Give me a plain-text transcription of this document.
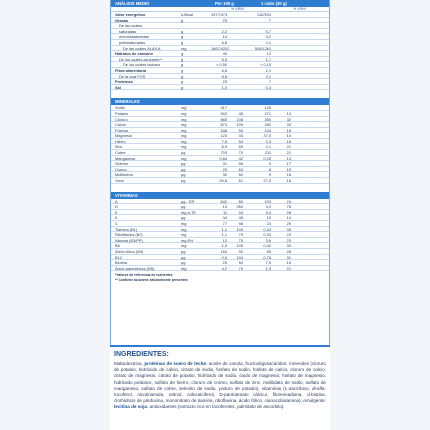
ANÁLISIS MEDIO	Por 100 g	1 cubo (30 g)
% VRN*	% VRN*
Valor energético	kJ/kcal	1977/473	142/593
Grasas	g	23	7
De las cuales
saturadas	g	2,2	0,7
monoinsaturadas	g	14	4,2
poliinsaturadas	g	6,8	2,1
De las cuales ALA/LA	mg	1667/4202	500/1261
Hidratos de carbono	g	40	12
De los cuales azúcares**	g	5,5	1,7
De los cuales lactosa	g	< 0,50	< 0,15
Fibra alimentaria	g	6,8	2,1
De la cual FOS	g	6,8	2,1
Proteínas	g	23	7
Sal	g	1,0	0,3
MINERALES
Sodio	mg	417	125
Potasio	mg	903	45	271	14
Cloruro	mg	865	108	260	32
Calcio	mg	873	109	262	33
Fósforo	mg	348	50	104	15
Magnesio	mg	123	33	37,0	10
Hierro	mg	7,6	54	2,3	16
Zinc	mg	6,9	69	2,1	21
Cobre	µg	703	70	211	21
Manganeso	mg	0,84	42	0,25	13
Selenio	µg	31	56	9	17
Cromo	µg	25	63	8	19
Molibdeno	µg	30	60	9	18
Yodo	µg	90,8	61	27,3	18
VITAMINAS
A	µg - ER	642	80	193	24
D	µg	13	260	3,9	78
E	mg α-TE	11	93	3,4	28
K	µg	34	45	10	14
C	mg	77	96	23	29
Tiamina (B1)	mg	1,1	100	0,33	30
Riboflavina (B2)	mg	1,1	79	0,33	24
Niacina (B3/PP)	mg EN	12	75	3,6	23
B6	mg	1,4	100	0,42	30
Ácido fólico (B9)	µg	184	92	55	28
B12	µg	2,6	104	0,78	31
Biotina	µg	25	50	7,5	15
Ácido pantoténico (B5)	mg	4,2	70	1,3	21
*Valores de referencia de nutrientes
** Contiene azúcares naturalmente presentes
INGREDIENTES:
Maltodextrina, proteínas de suero de leche, aceite de canola, fructooligosacáridos, minerales (cloruro de potasio, hidróxido de calcio, citrato de sodio, fosfato de sodio, fosfato de calcio, cloruro de calcio, citrato de magnesio, citrato de potasio, hidróxido de sodio, óxido de magnesio, fosfato de magnesio, hidróxido potásico, sulfato de hierro, cloruro de cromo, sulfato de zinc, molibdato de sodio, sulfato de manganeso, sulfato de cobre, selenito de sodio, yoduro de potasio), vitaminas (L-ascórbico, dl-alfa-tocoferol, nicotinamida, retinol, colecalciferol, D-pantotenato cálcico, filomenadiona, d-biotina, clorhidrato de piridoxina, mononitrato de tiamina, riboflavina, ácido fólico, cianocobalamina), emulgente: lecitina de soja, antioxidantes (extracto rico en tocoferoles, palmitato de ascorbilo).
